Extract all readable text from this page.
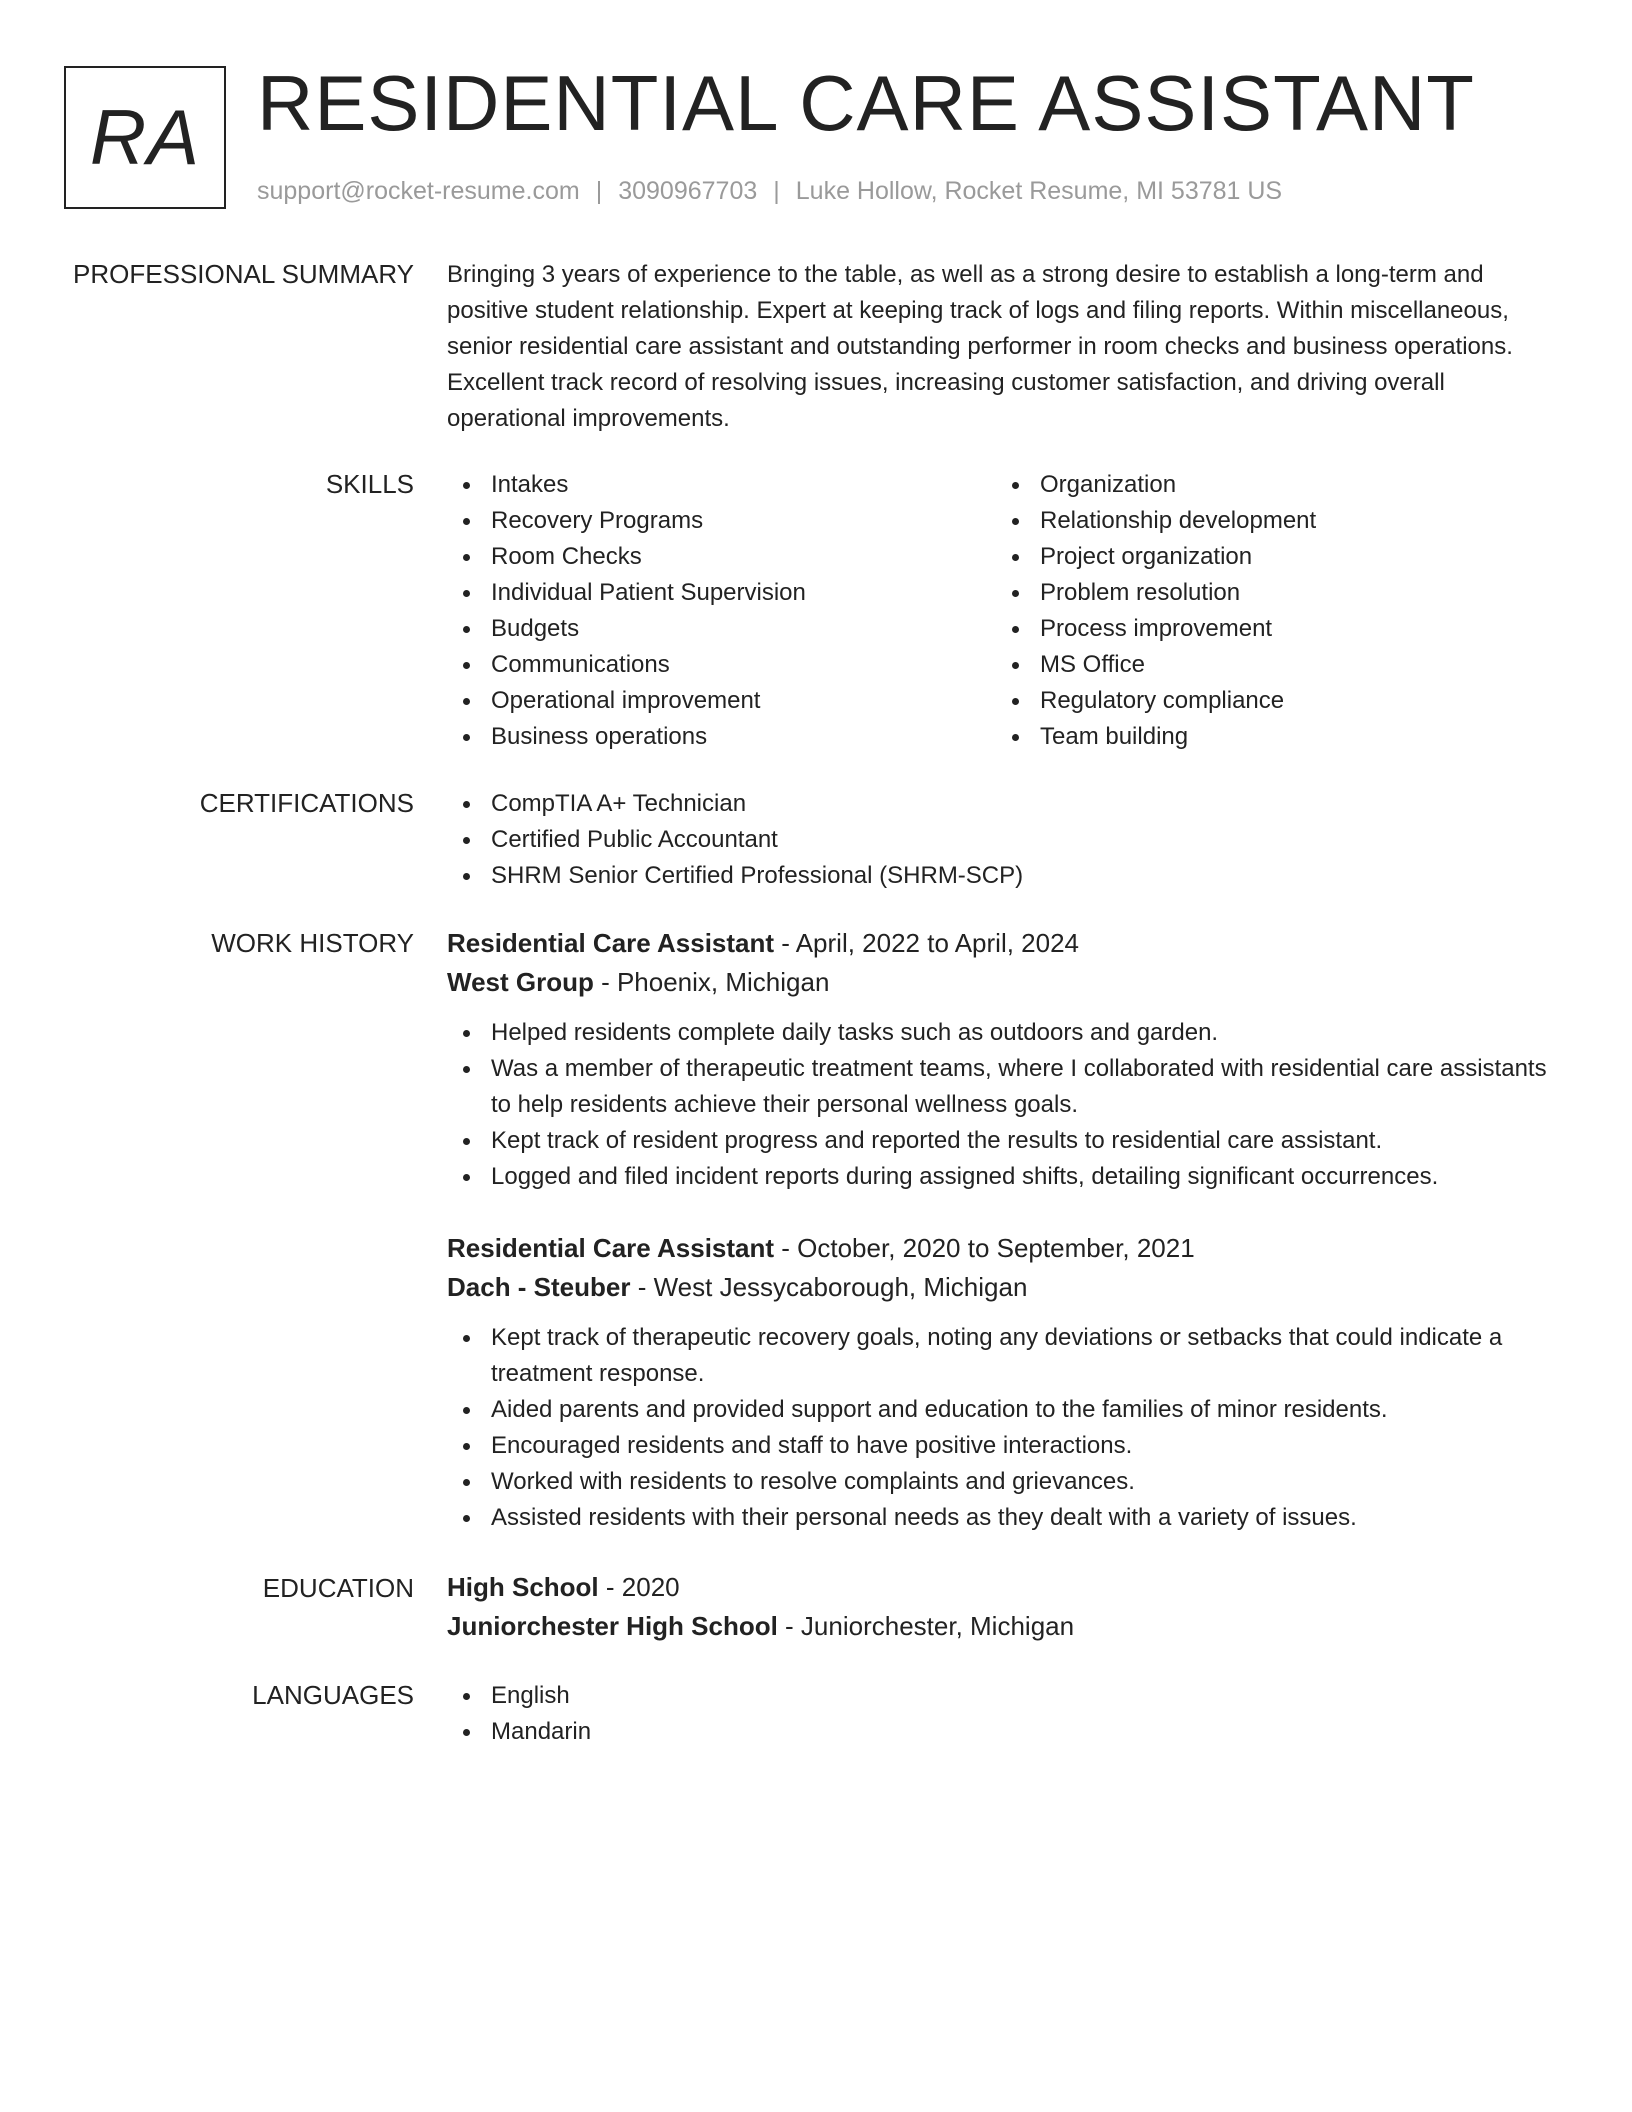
RA RESIDENTIAL CARE ASSISTANT
support@rocket-resume.com | 3090967703 | Luke Hollow, Rocket Resume, MI 53781 US
PROFESSIONAL SUMMARY Bringing 3 years of experience to the table, as well as a strong desire to establish a long-term and positive student relationship. Expert at keeping track of logs and filing reports. Within miscellaneous, senior residential care assistant and outstanding performer in room checks and business operations. Excellent track record of resolving issues, increasing customer satisfaction, and driving overall operational improvements.
SKILLS	Intakes
Recovery Programs
Room Checks
Individual Patient Supervision
Budgets
Communications
Operational improvement
Business operations
Organization
Relationship development
Project organization
Problem resolution
Process improvement
MS Office
Regulatory compliance
Team building
CERTIFICATIONS	CompTIA A+ Technician
Certified Public Accountant
SHRM Senior Certified Professional (SHRM-SCP)
WORK HISTORY Residential Care Assistant - April, 2022 to April, 2024
West Group - Phoenix, Michigan
Helped residents complete daily tasks such as outdoors and garden.
Was a member of therapeutic treatment teams, where I collaborated with residential care assistants to help residents achieve their personal wellness goals.
Kept track of resident progress and reported the results to residential care assistant.
Logged and filed incident reports during assigned shifts, detailing significant occurrences.
Residential Care Assistant - October, 2020 to September, 2021
Dach - Steuber - West Jessycaborough, Michigan
Kept track of therapeutic recovery goals, noting any deviations or setbacks that could indicate a treatment response.
Aided parents and provided support and education to the families of minor residents.
Encouraged residents and staff to have positive interactions.
Worked with residents to resolve complaints and grievances.
Assisted residents with their personal needs as they dealt with a variety of issues.
EDUCATION High School - 2020
Juniorchester High School - Juniorchester, Michigan
LANGUAGES	English
Mandarin
